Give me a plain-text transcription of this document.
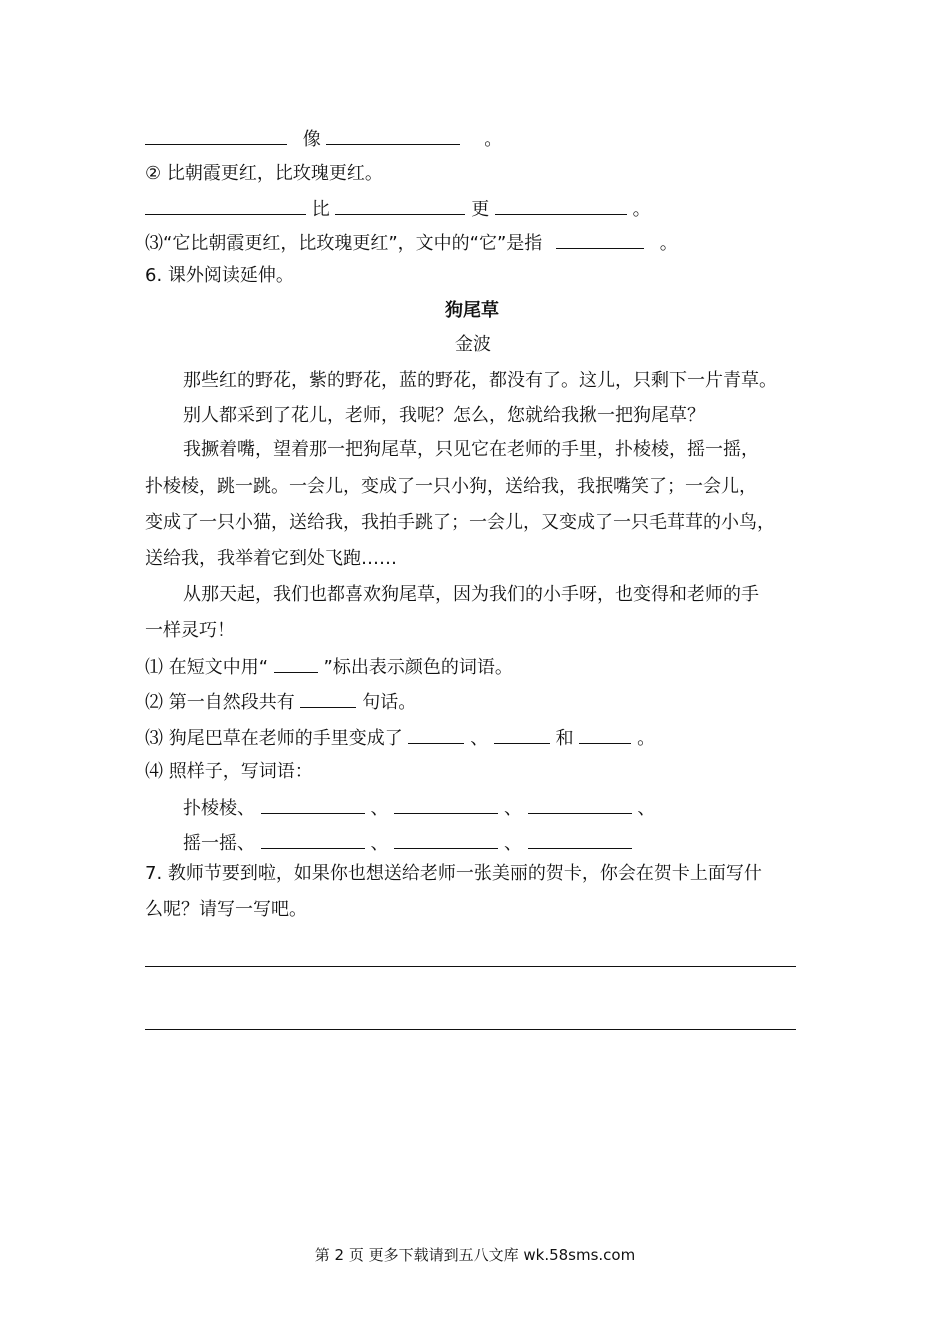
像	。
② 比朝霞更红，比玫瑰更红。
比	更	。
⑶“它比朝霞更红，比玫瑰更红”，文中的“它”是指	。
6. 课外阅读延伸。
狗尾草
金波
那些红的野花，紫的野花，蓝的野花，都没有了。这儿，只剩下一片青草。
别人都采到了花儿，老师，我呢？怎么，您就给我揪一把狗尾草？
我撅着嘴，望着那一把狗尾草，只见它在老师的手里，扑棱棱，摇一摇，
扑棱棱，跳一跳。一会儿，变成了一只小狗，送给我，我抿嘴笑了；一会儿，
变成了一只小猫，送给我，我拍手跳了；一会儿，又变成了一只毛茸茸的小鸟，
送给我，我举着它到处飞跑……
从那天起，我们也都喜欢狗尾草，因为我们的小手呀，也变得和老师的手
一样灵巧！
⑴ 在短文中用“	”标出表示颜色的词语。
⑵ 第一自然段共有	句话。
⑶ 狗尾巴草在老师的手里变成了	、	和	。
⑷ 照样子，写词语：
扑棱棱、	、	、	、
摇一摇、	、	、
7. 教师节要到啦，如果你也想送给老师一张美丽的贺卡，你会在贺卡上面写什
么呢？请写一写吧。
第 2 页 更多下载请到五八文库 wk.58sms.com
